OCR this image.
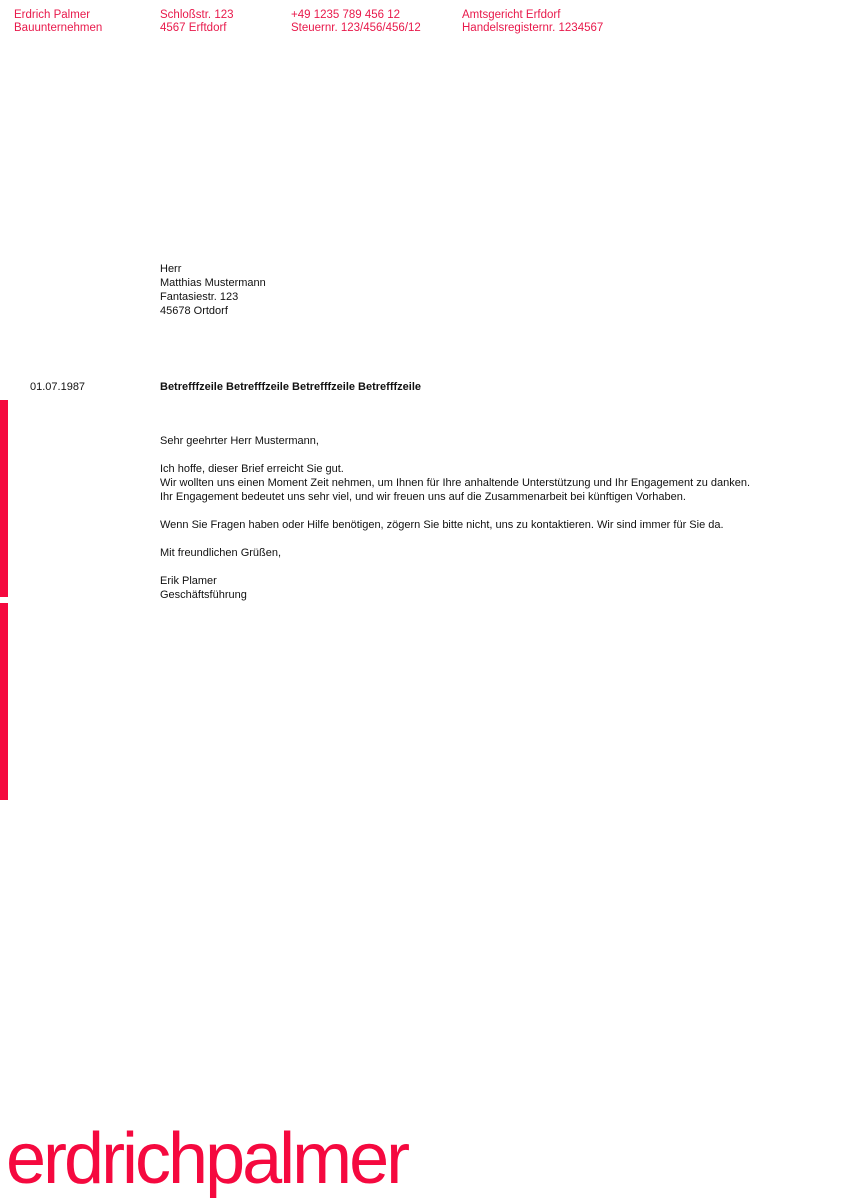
Erdrich Palmer
Bauunternehmen
Schloßstr. 123
4567 Erftdorf
+49 1235 789 456 12
Steuernr. 123/456/456/12
Amtsgericht Erfdorf
Handelsregisternr. 1234567
Herr
Matthias Mustermann
Fantasiestr. 123
45678 Ortdorf
01.07.1987	Betrefffzeile Betrefffzeile Betrefffzeile Betrefffzeile

Sehr geehrter Herr Mustermann,

Ich hoffe, dieser Brief erreicht Sie gut.
Wir wollten uns einen Moment Zeit nehmen, um Ihnen für Ihre anhaltende Unterstützung und Ihr Engagement zu danken.
Ihr Engagement bedeutet uns sehr viel, und wir freuen uns auf die Zusammenarbeit bei künftigen Vorhaben.

Wenn Sie Fragen haben oder Hilfe benötigen, zögern Sie bitte nicht, uns zu kontaktieren. Wir sind immer für Sie da.

Mit freundlichen Grüßen,

Erik Plamer
Geschäftsführung

erdrichpalmer
